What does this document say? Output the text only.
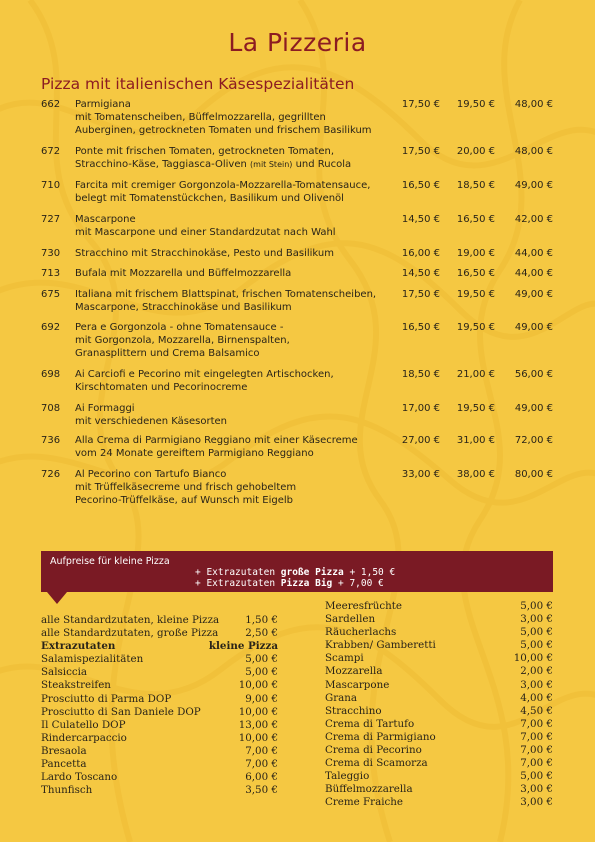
La Pizzeria
Pizza mit italienischen Käsespezialitäten
662 Parmigiana
mit Tomatenscheiben, Büffelmozzarella, gegrillten
Auberginen, getrockneten Tomaten und frischem Basilikum
17,50 €	19,50 €	48,00 €
672 Ponte mit frischen Tomaten, getrockneten Tomaten,
Stracchino-Käse, Taggiasca-Oliven (mit Stein) und Rucola
17,50 €	20,00 €	48,00 €
710 Farcita mit cremiger Gorgonzola-Mozzarella-Tomatensauce,
belegt mit Tomatenstückchen, Basilikum und Olivenöl
16,50 €	18,50 €	49,00 €
727 Mascarpone
mit Mascarpone und einer Standardzutat nach Wahl
14,50 €	16,50 €	42,00 €
730 Stracchino mit Stracchinokäse, Pesto und Basilikum	16,00 €	19,00 €	44,00 €
713 Bufala mit Mozzarella und Büffelmozzarella	14,50 €	16,50 €	44,00 €
675 Italiana mit frischem Blattspinat, frischen Tomatenscheiben,
Mascarpone, Stracchinokäse und Basilikum
17,50 €	19,50 €	49,00 €
692 Pera e Gorgonzola - ohne Tomatensauce -
mit Gorgonzola, Mozzarella, Birnenspalten,
Granasplittern und Crema Balsamico
16,50 €	19,50 €	49,00 €
698 Ai Carciofi e Pecorino mit eingelegten Artischocken,
Kirschtomaten und Pecorinocreme
18,50 €	21,00 €	56,00 €
708 Ai Formaggi
mit verschiedenen Käsesorten
17,00 €	19,50 €	49,00 €
736 Alla Crema di Parmigiano Reggiano mit einer Käsecreme
vom 24 Monate gereiftem Parmigiano Reggiano
27,00 €	31,00 €	72,00 €
726 Al Pecorino con Tartufo Bianco
mit Trüffelkäsecreme und frisch gehobeltem
Pecorino-Trüffelkäse, auf Wunsch mit Eigelb
33,00 €	38,00 €	80,00 €
Aufpreise für kleine Pizza
+ Extrazutaten große Pizza + 1,50 €
+ Extrazutaten Pizza Big + 7,00 €
alle Standardzutaten, kleine Pizza	1,50 €
alle Standardzutaten, große Pizza	2,50 €
Extrazutaten	kleine Pizza
Salamispezialitäten	5,00 €
Salsiccia	5,00 €
Steakstreifen	10,00 €
Prosciutto di Parma DOP	9,00 €
Prosciutto di San Daniele DOP	10,00 €
Il Culatello DOP	13,00 €
Rindercarpaccio	10,00 €
Bresaola	7,00 €
Pancetta	7,00 €
Lardo Toscano	6,00 €
Thunfisch	3,50 €
Meeresfrüchte	5,00 €
Sardellen	3,00 €
Räucherlachs	5,00 €
Krabben/ Gamberetti	5,00 €
Scampi	10,00 €
Mozzarella	2,00 €
Mascarpone	3,00 €
Grana	4,00 €
Stracchino	4,50 €
Crema di Tartufo	7,00 €
Crema di Parmigiano	7,00 €
Crema di Pecorino	7,00 €
Crema di Scamorza	7,00 €
Taleggio	5,00 €
Büffelmozzarella	3,00 €
Creme Fraiche	3,00 €
